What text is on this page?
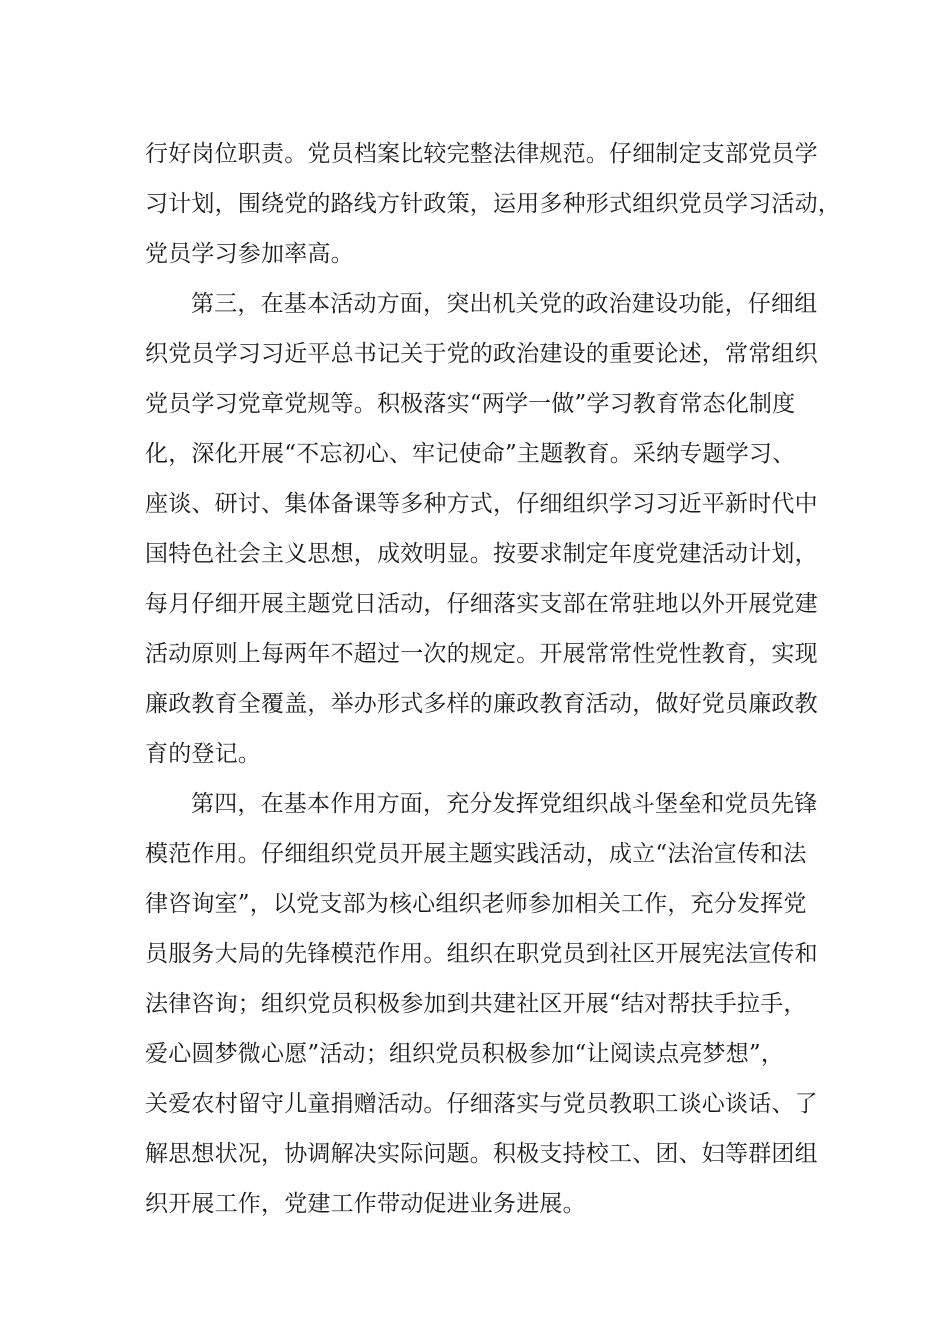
行好岗位职责。党员档案比较完整法律规范。仔细制定支部党员学
习计划，围绕党的路线方针政策，运用多种形式组织党员学习活动，
党员学习参加率高。
第三，在基本活动方面，突出机关党的政治建设功能，仔细组
织党员学习习近平总书记关于党的政治建设的重要论述，常常组织
党员学习党章党规等。积极落实“两学一做”学习教育常态化制度
化，深化开展“不忘初心、牢记使命”主题教育。采纳专题学习、
座谈、研讨、集体备课等多种方式，仔细组织学习习近平新时代中
国特色社会主义思想，成效明显。按要求制定年度党建活动计划，
每月仔细开展主题党日活动，仔细落实支部在常驻地以外开展党建
活动原则上每两年不超过一次的规定。开展常常性党性教育，实现
廉政教育全覆盖，举办形式多样的廉政教育活动，做好党员廉政教
育的登记。
第四，在基本作用方面，充分发挥党组织战斗堡垒和党员先锋
模范作用。仔细组织党员开展主题实践活动，成立“法治宣传和法
律咨询室”，以党支部为核心组织老师参加相关工作，充分发挥党
员服务大局的先锋模范作用。组织在职党员到社区开展宪法宣传和
法律咨询；组织党员积极参加到共建社区开展“结对帮扶手拉手，
爱心圆梦微心愿”活动；组织党员积极参加“让阅读点亮梦想”，
关爱农村留守儿童捐赠活动。仔细落实与党员教职工谈心谈话、了
解思想状况，协调解决实际问题。积极支持校工、团、妇等群团组
织开展工作，党建工作带动促进业务进展。
